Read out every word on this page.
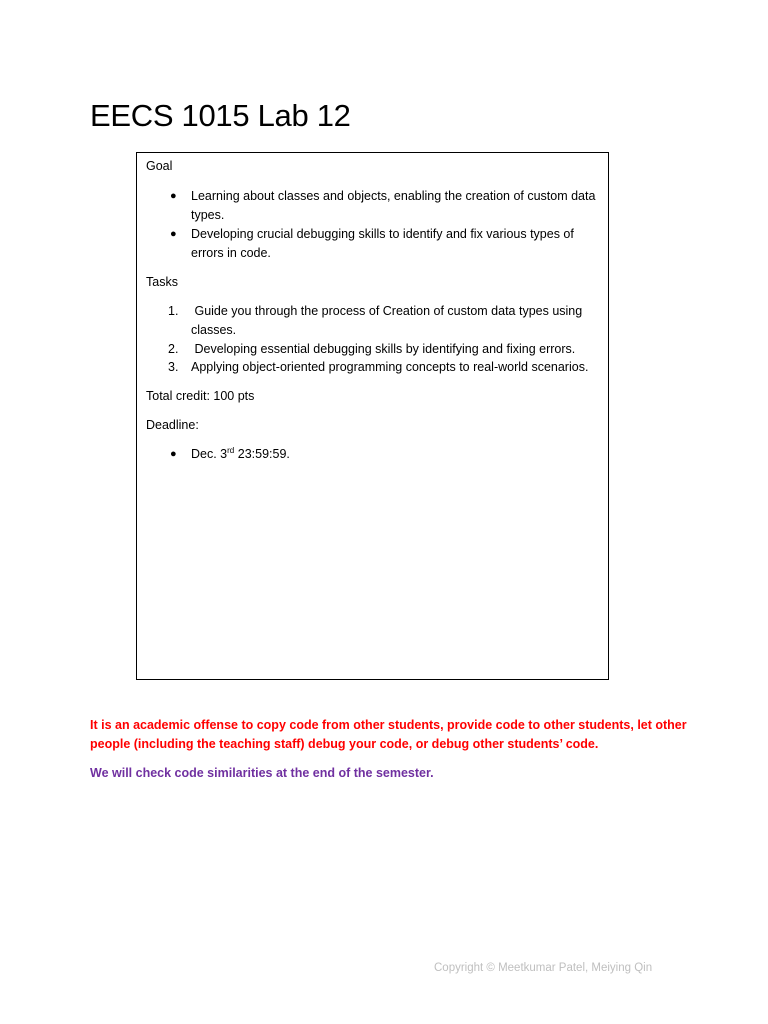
EECS 1015 Lab 12
Goal
● Learning about classes and objects, enabling the creation of custom data
types.
● Developing crucial debugging skills to identify and fix various types of
errors in code.
Tasks
1. Guide you through the process of Creation of custom data types using
classes.
2. Developing essential debugging skills by identifying and fixing errors.
3. Applying object-oriented programming concepts to real-world scenarios.
Total credit: 100 pts
Deadline:
● Dec. 3rd 23:59:59.

It is an academic offense to copy code from other students, provide code to other students, let other
people (including the teaching staff) debug your code, or debug other students’ code.

We will check code similarities at the end of the semester.

Copyright © Meetkumar Patel, Meiying Qin
